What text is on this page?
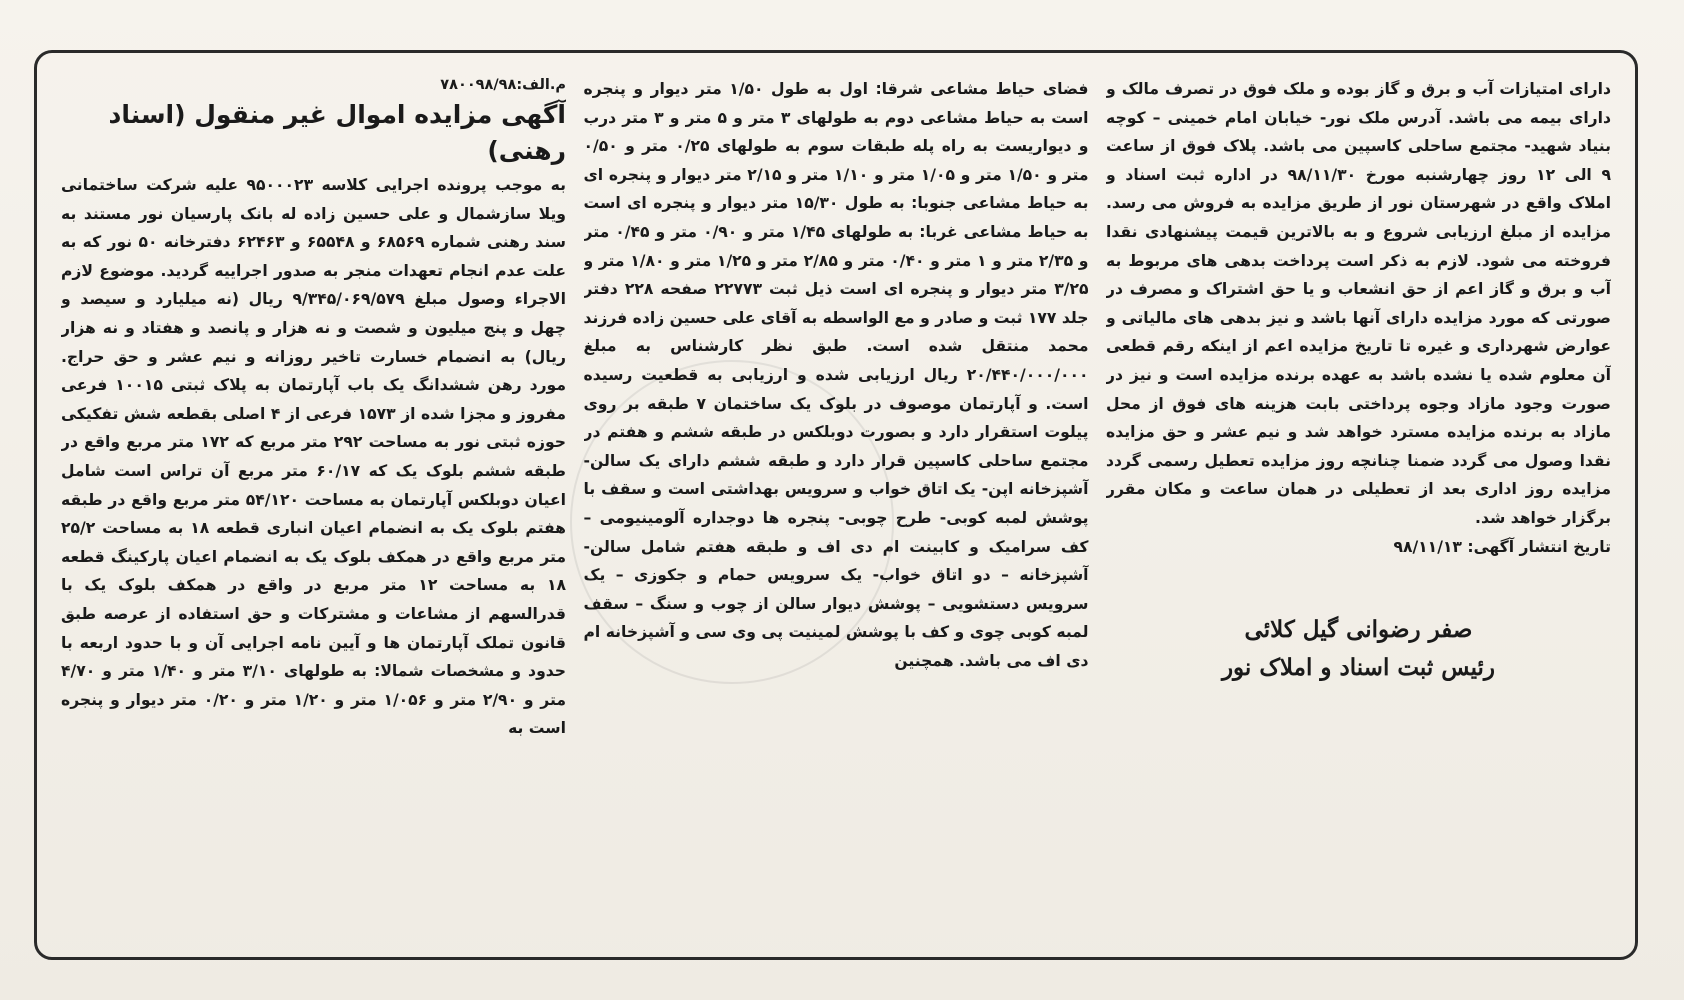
م.الف:۷۸۰۰۹۸/۹۸

آگهی مزایده اموال غیر منقول (اسناد رهنی)

به موجب پرونده اجرایی کلاسه ۹۵۰۰۰۲۳ علیه شرکت ساختمانی ویلا سازشمال و علی حسین زاده له بانک پارسیان نور مستند به سند رهنی شماره ۶۸۵۶۹ و ۶۵۵۴۸ و ۶۲۴۶۳ دفترخانه ۵۰ نور که به علت عدم انجام تعهدات منجر به صدور اجراییه گردید. موضوع لازم الاجراء وصول مبلغ ۹/۳۴۵/۰۶۹/۵۷۹ ریال (نه میلیارد و سیصد و چهل و پنج میلیون و شصت و نه هزار و پانصد و هفتاد و نه هزار ریال) به انضمام خسارت تاخیر روزانه و نیم عشر و حق حراج. مورد رهن ششدانگ یک باب آپارتمان به پلاک ثبتی ۱۰۰۱۵ فرعی مفروز و مجزا شده از ۱۵۷۳ فرعی از ۴ اصلی بقطعه شش تفکیکی حوزه ثبتی نور به مساحت ۲۹۲ متر مربع که ۱۷۲ متر مربع واقع در طبقه ششم بلوک یک که ۶۰/۱۷ متر مربع آن تراس است شامل اعیان دوبلکس آپارتمان به مساحت ۵۴/۱۲۰ متر مربع واقع در طبقه هفتم بلوک یک به انضمام اعیان انباری قطعه ۱۸ به مساحت ۲۵/۲ متر مربع واقع در همکف بلوک یک به انضمام اعیان پارکینگ قطعه ۱۸ به مساحت ۱۲ متر مربع در واقع در همکف بلوک یک با قدرالسهم از مشاعات و مشترکات و حق استفاده از عرصه طبق قانون تملک آپارتمان ها و آیین نامه اجرایی آن و با حدود اربعه با حدود و مشخصات شمالا: به طولهای ۳/۱۰ متر و ۱/۴۰ متر و ۴/۷۰ متر و ۲/۹۰ متر و ۱/۰۵۶ متر و ۱/۲۰ متر و ۰/۲۰ متر دیوار و پنجره است به

فضای حیاط مشاعی شرقا: اول به طول ۱/۵۰ متر دیوار و پنجره است به حیاط مشاعی دوم به طولهای ۳ متر و ۵ متر و ۳ متر درب و دیواریست به راه پله طبقات سوم به طولهای ۰/۲۵ متر و ۰/۵۰ متر و ۱/۵۰ متر و ۱/۰۵ متر و ۱/۱۰ متر و ۲/۱۵ متر دیوار و پنجره ای به حیاط مشاعی جنوبا: به طول ۱۵/۳۰ متر دیوار و پنجره ای است به حیاط مشاعی غربا: به طولهای ۱/۴۵ متر و ۰/۹۰ متر و ۰/۴۵ متر و ۲/۳۵ متر و ۱ متر و ۰/۴۰ متر و ۲/۸۵ متر و ۱/۲۵ متر و ۱/۸۰ متر و ۳/۲۵ متر دیوار و پنجره ای است ذیل ثبت ۲۲۷۷۳ صفحه ۲۲۸ دفتر جلد ۱۷۷ ثبت و صادر و مع الواسطه به آقای علی حسین زاده فرزند محمد منتقل شده است. طبق نظر کارشناس به مبلغ ۲۰/۴۴۰/۰۰۰/۰۰۰ ریال ارزیابی شده و ارزیابی به قطعیت رسیده است. و آپارتمان موصوف در بلوک یک ساختمان ۷ طبقه بر روی پیلوت استقرار دارد و بصورت دوبلکس در طبقه ششم و هفتم در مجتمع ساحلی کاسپین قرار دارد و طبقه ششم دارای یک سالن- آشپزخانه اپن- یک اتاق خواب و سرویس بهداشتی است و سقف با پوشش لمبه کوبی- طرح چوبی- پنجره ها دوجداره آلومینیومی – کف سرامیک و کابینت ام دی اف و طبقه هفتم شامل سالن- آشپزخانه – دو اتاق خواب- یک سرویس حمام و جکوزی – یک سرویس دستشویی – پوشش دیوار سالن از چوب و سنگ – سقف لمبه کوبی چوی و کف با پوشش لمینیت پی وی سی و آشپزخانه ام دی اف می باشد. همچنین

دارای امتیازات آب و برق و گاز بوده و ملک فوق در تصرف مالک و دارای بیمه می باشد. آدرس ملک نور- خیابان امام خمینی – کوچه بنیاد شهید- مجتمع ساحلی کاسپین می باشد. پلاک فوق از ساعت ۹ الی ۱۲ روز چهارشنبه مورخ ۹۸/۱۱/۳۰ در اداره ثبت اسناد و املاک واقع در شهرستان نور از طریق مزایده به فروش می رسد. مزایده از مبلغ ارزیابی شروع و به بالاترین قیمت پیشنهادی نقدا فروخته می شود. لازم به ذکر است پرداخت بدهی های مربوط به آب و برق و گاز اعم از حق انشعاب و یا حق اشتراک و مصرف در صورتی که مورد مزایده دارای آنها باشد و نیز بدهی های مالیاتی و عوارض شهرداری و غیره تا تاریخ مزایده اعم از اینکه رقم قطعی آن معلوم شده یا نشده باشد به عهده برنده مزایده است و نیز در صورت وجود مازاد وجوه پرداختی بابت هزینه های فوق از محل مازاد به برنده مزایده مسترد خواهد شد و نیم عشر و حق مزایده نقدا وصول می گردد ضمنا چنانچه روز مزایده تعطیل رسمی گردد مزایده روز اداری بعد از تعطیلی در همان ساعت و مکان مقرر برگزار خواهد شد.

تاریخ انتشار آگهی: ۹۸/۱۱/۱۳

صفر رضوانی گیل کلائی
رئیس ثبت اسناد و املاک نور
